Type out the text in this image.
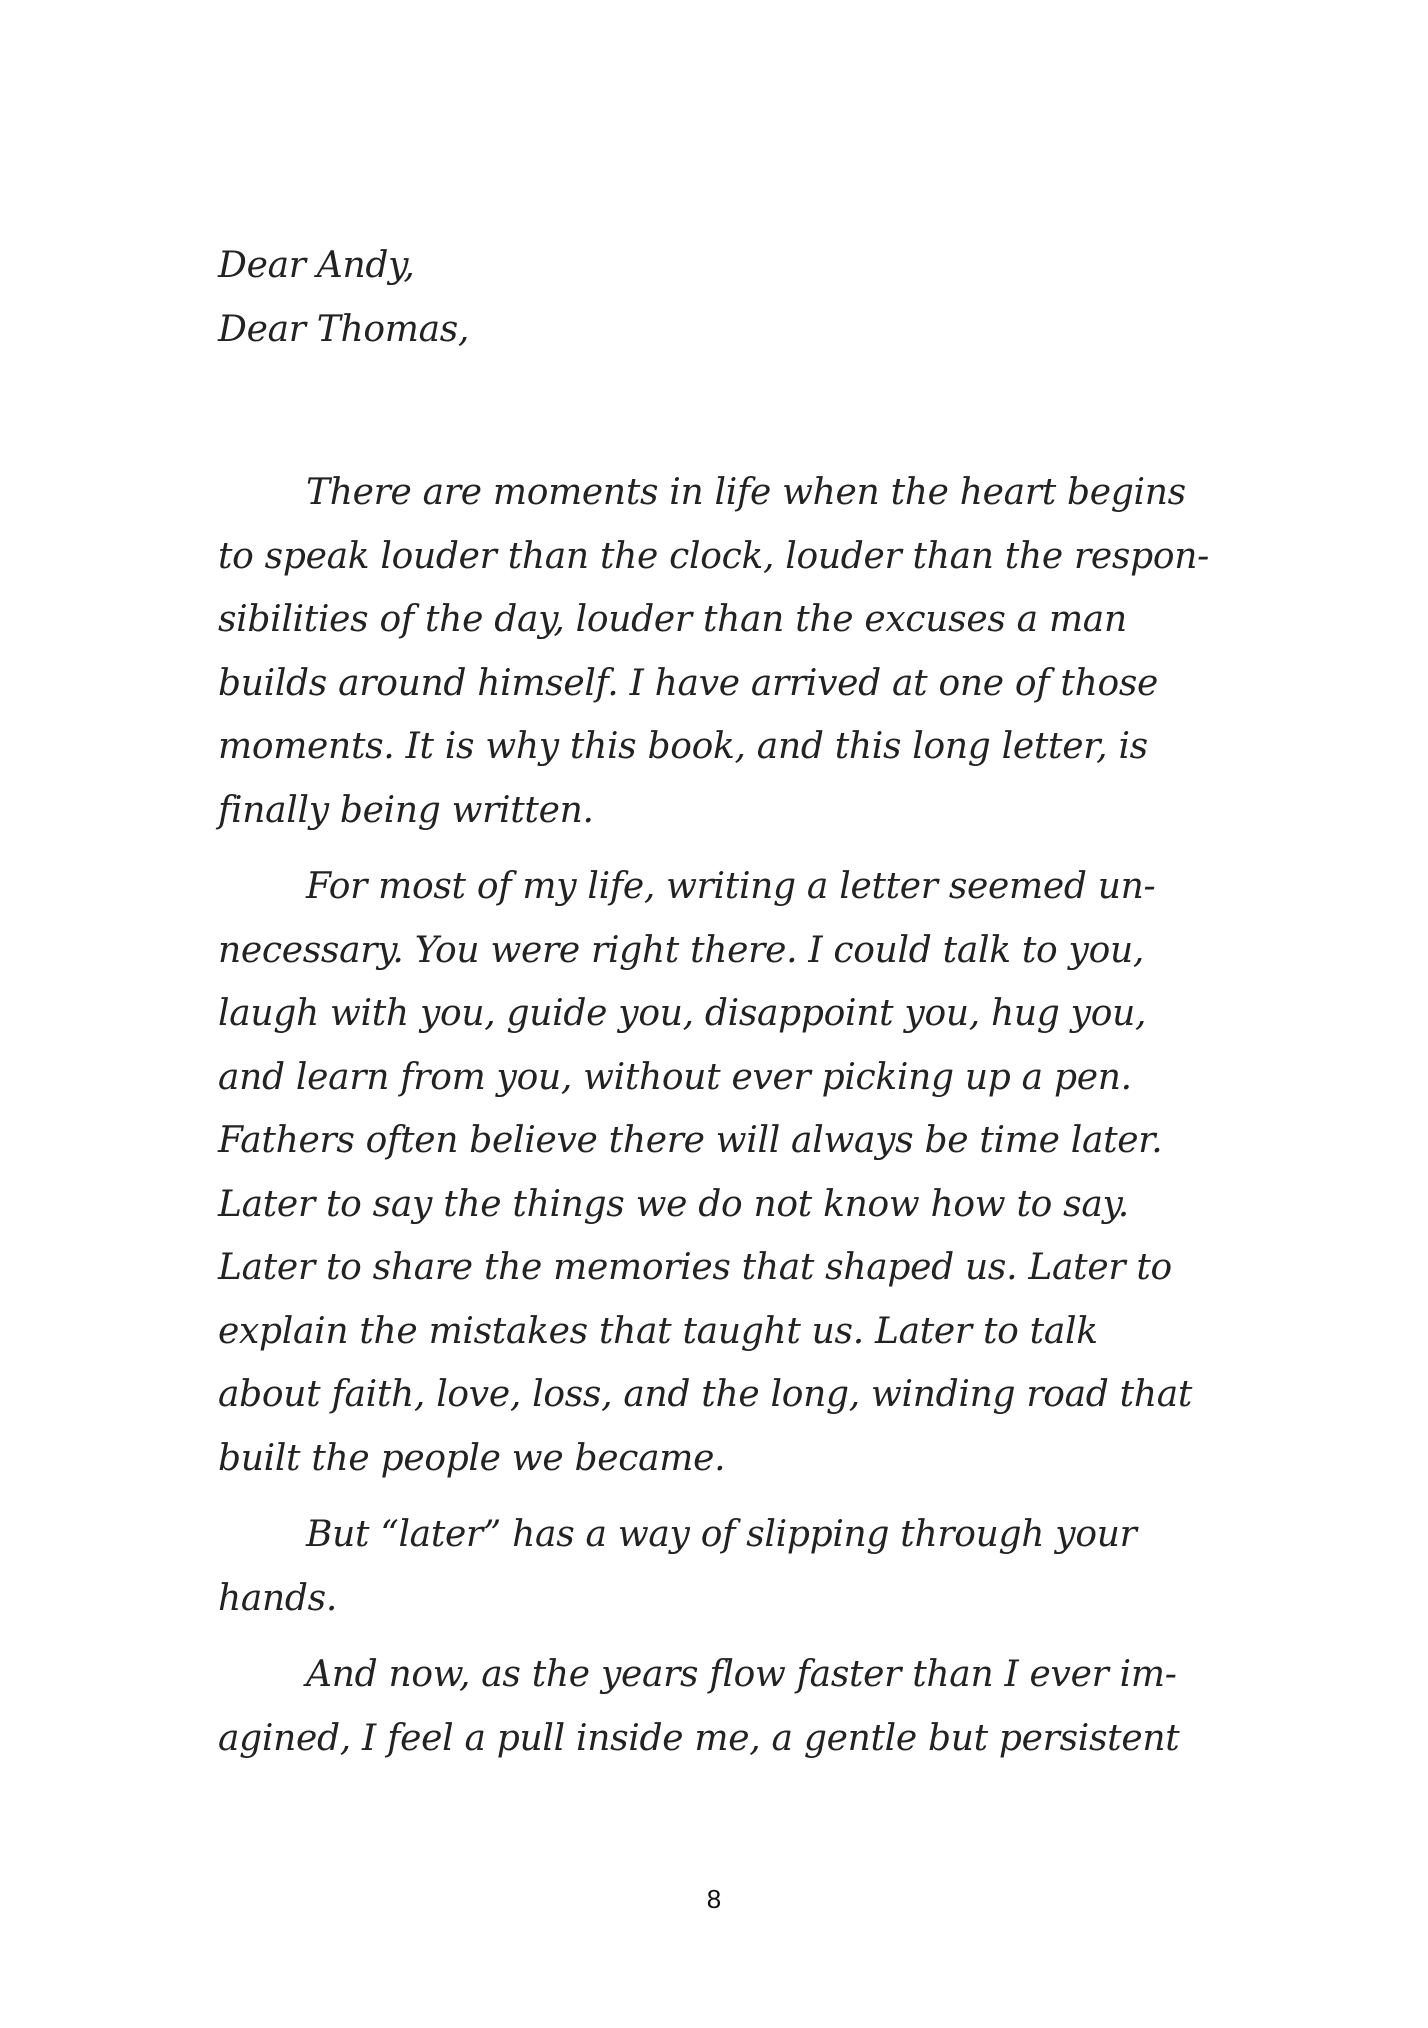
Dear Andy,
Dear Thomas,
There are moments in life when the heart begins
to speak louder than the clock, louder than the respon-
sibilities of the day, louder than the excuses a man
builds around himself. I have arrived at one of those
moments. It is why this book, and this long letter, is
finally being written.
For most of my life, writing a letter seemed un-
necessary. You were right there. I could talk to you,
laugh with you, guide you, disappoint you, hug you,
and learn from you, without ever picking up a pen.
Fathers often believe there will always be time later.
Later to say the things we do not know how to say.
Later to share the memories that shaped us. Later to
explain the mistakes that taught us. Later to talk
about faith, love, loss, and the long, winding road that
built the people we became.
But “later” has a way of slipping through your
hands.
And now, as the years flow faster than I ever im-
agined, I feel a pull inside me, a gentle but persistent
8
